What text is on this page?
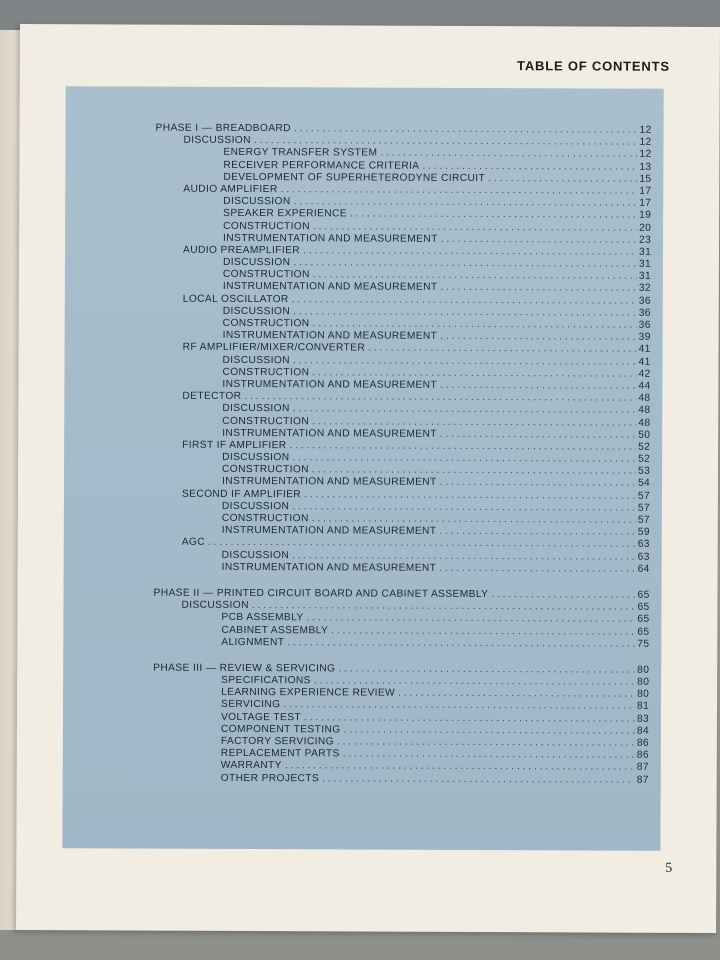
TABLE OF CONTENTS
PHASE I — BREADBOARD . . .	12
DISCUSSION . . .	12
ENERGY TRANSFER SYSTEM . . .	12
RECEIVER PERFORMANCE CRITERIA . . .	13
DEVELOPMENT OF SUPERHETERODYNE CIRCUIT . . .	15
AUDIO AMPLIFIER . . .	17
DISCUSSION . . .	17
SPEAKER EXPERIENCE . . .	19
CONSTRUCTION . . .	20
INSTRUMENTATION AND MEASUREMENT . . .	23
AUDIO PREAMPLIFIER . . .	31
DISCUSSION . . .	31
CONSTRUCTION . . .	31
INSTRUMENTATION AND MEASUREMENT . . .	32
LOCAL OSCILLATOR . . .	36
DISCUSSION . . .	36
CONSTRUCTION . . .	36
INSTRUMENTATION AND MEASUREMENT . . .	39
RF AMPLIFIER/MIXER/CONVERTER . . .	41
DISCUSSION . . .	41
CONSTRUCTION . . .	42
INSTRUMENTATION AND MEASUREMENT . . .	44
DETECTOR . . .	48
DISCUSSION . . .	48
CONSTRUCTION . . .	48
INSTRUMENTATION AND MEASUREMENT . . .	50
FIRST IF AMPLIFIER . . .	52
DISCUSSION . . .	52
CONSTRUCTION . . .	53
INSTRUMENTATION AND MEASUREMENT . . .	54
SECOND IF AMPLIFIER . . .	57
DISCUSSION . . .	57
CONSTRUCTION . . .	57
INSTRUMENTATION AND MEASUREMENT . . .	59
AGC . . .	63
DISCUSSION . . .	63
INSTRUMENTATION AND MEASUREMENT . . .	64
PHASE II — PRINTED CIRCUIT BOARD AND CABINET ASSEMBLY . . .	65
DISCUSSION . . .	65
PCB ASSEMBLY . . .	65
CABINET ASSEMBLY . . .	65
ALIGNMENT . . .	75
PHASE III — REVIEW & SERVICING . . .	80
SPECIFICATIONS . . .	80
LEARNING EXPERIENCE REVIEW . . .	80
SERVICING . . .	81
VOLTAGE TEST . . .	83
COMPONENT TESTING . . .	84
FACTORY SERVICING . . .	86
REPLACEMENT PARTS . . .	86
WARRANTY . . .	87
OTHER PROJECTS . . .	87
5
